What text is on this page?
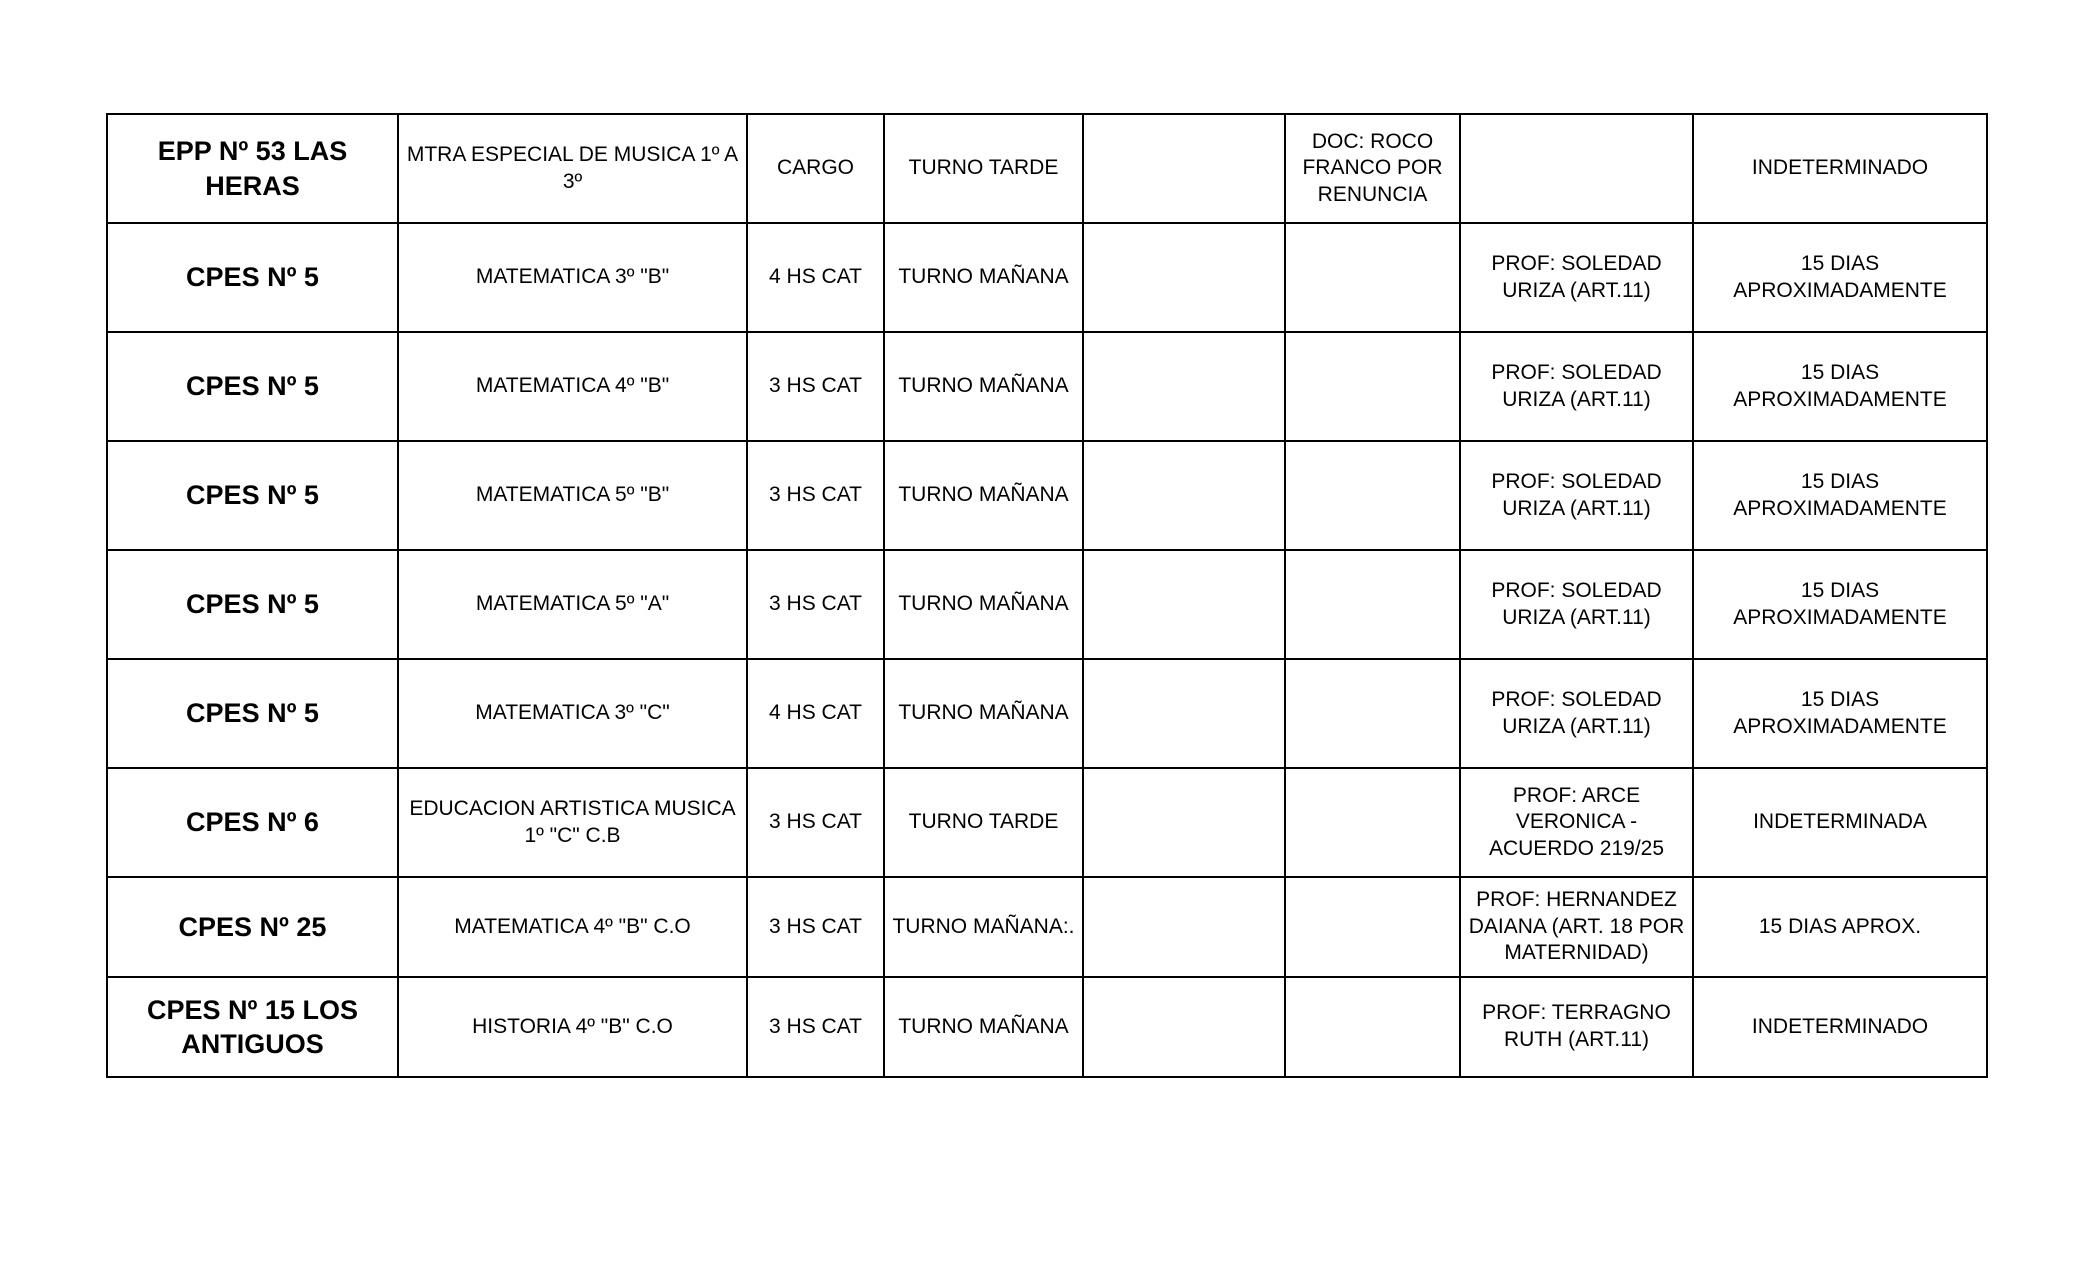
EPP Nº 53 LAS HERAS	MTRA ESPECIAL DE MUSICA 1º A 3º	CARGO	TURNO TARDE		DOC: ROCO FRANCO POR RENUNCIA		INDETERMINADO
CPES Nº 5	MATEMATICA 3º "B"	4 HS CAT	TURNO MAÑANA			PROF: SOLEDAD URIZA (ART.11)	15 DIAS APROXIMADAMENTE
CPES Nº 5	MATEMATICA 4º "B"	3 HS CAT	TURNO MAÑANA			PROF: SOLEDAD URIZA (ART.11)	15 DIAS APROXIMADAMENTE
CPES Nº 5	MATEMATICA 5º "B"	3 HS CAT	TURNO MAÑANA			PROF: SOLEDAD URIZA (ART.11)	15 DIAS APROXIMADAMENTE
CPES Nº 5	MATEMATICA 5º "A"	3 HS CAT	TURNO MAÑANA			PROF: SOLEDAD URIZA (ART.11)	15 DIAS APROXIMADAMENTE
CPES Nº 5	MATEMATICA 3º "C"	4 HS CAT	TURNO MAÑANA			PROF: SOLEDAD URIZA (ART.11)	15 DIAS APROXIMADAMENTE
CPES Nº 6	EDUCACION ARTISTICA MUSICA 1º "C" C.B	3 HS CAT	TURNO TARDE			PROF: ARCE VERONICA - ACUERDO 219/25	INDETERMINADA
CPES Nº 25	MATEMATICA 4º "B" C.O	3 HS CAT	TURNO MAÑANA:.			PROF: HERNANDEZ DAIANA (ART. 18 POR MATERNIDAD)	15 DIAS APROX.
CPES Nº 15 LOS ANTIGUOS	HISTORIA 4º "B" C.O	3 HS CAT	TURNO MAÑANA			PROF: TERRAGNO RUTH (ART.11)	INDETERMINADO
